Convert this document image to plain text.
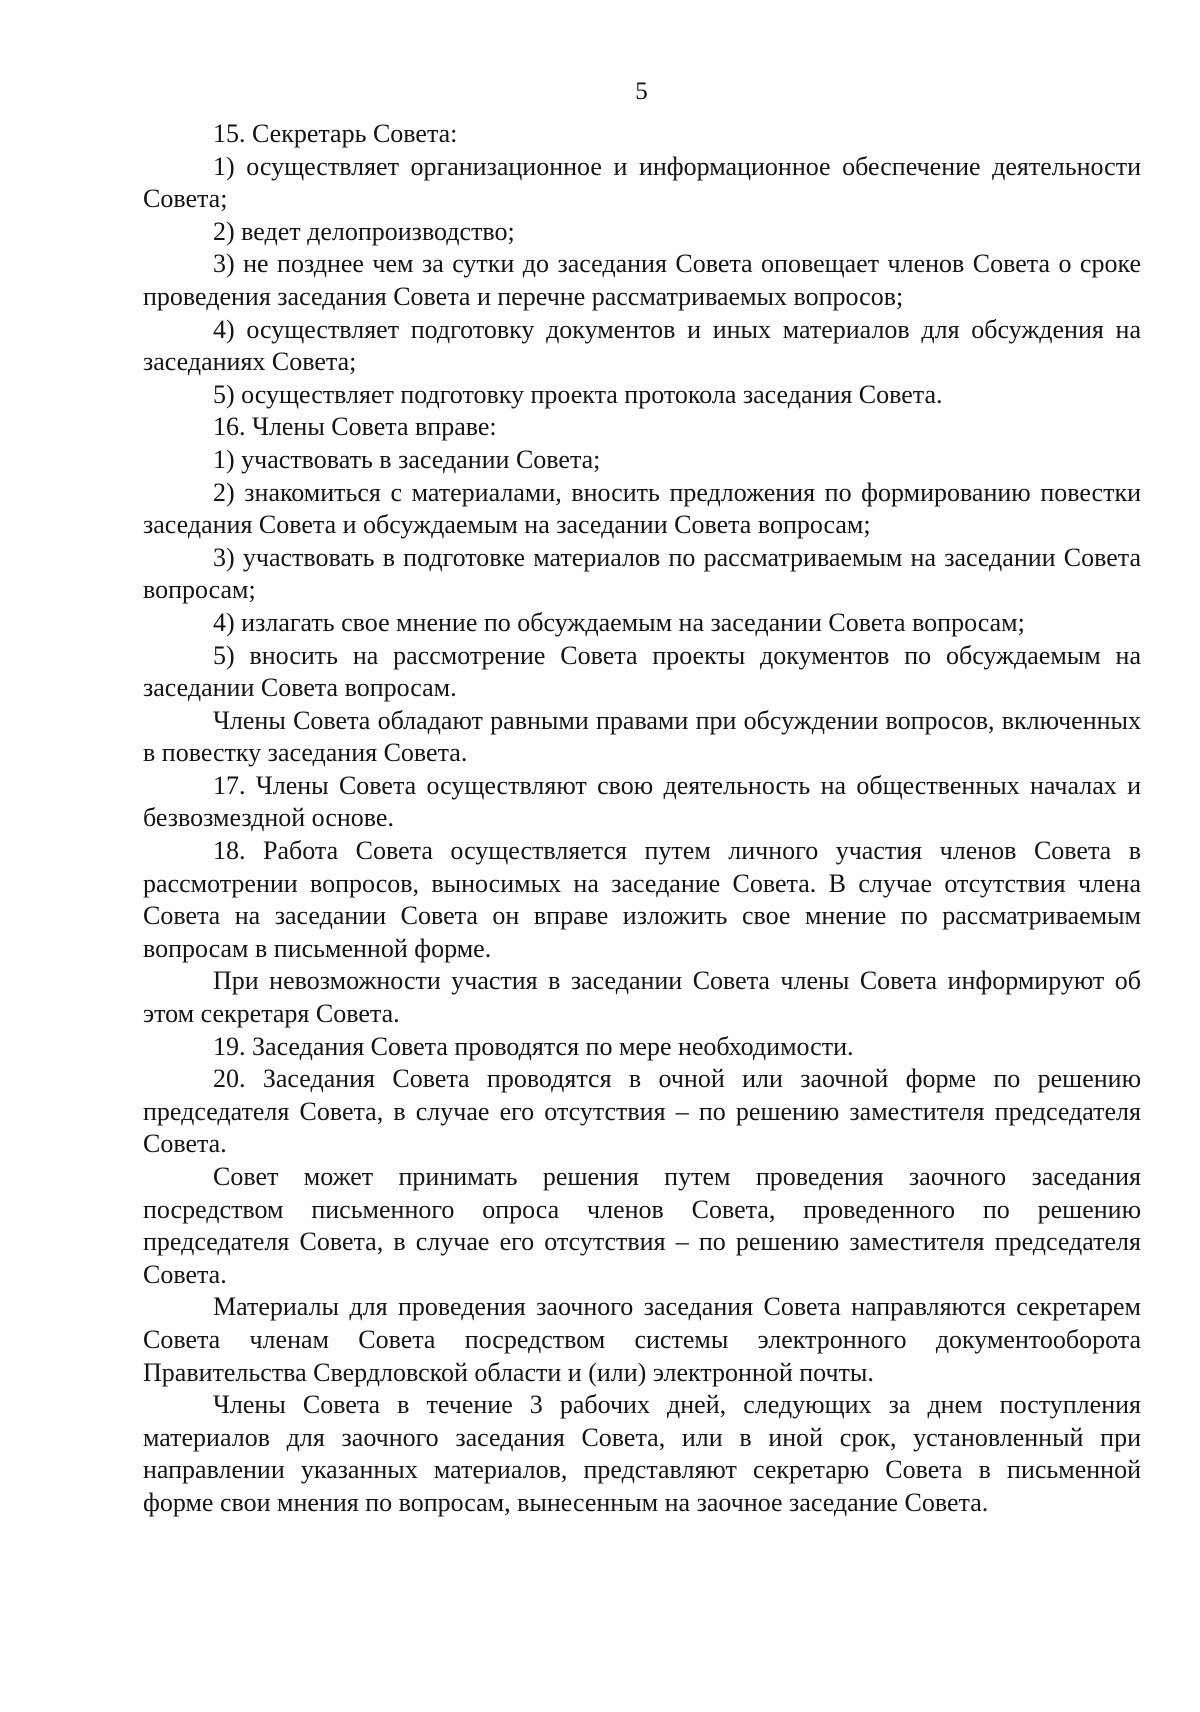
5

15. Секретарь Совета:

1) осуществляет организационное и информационное обеспечение деятельности Совета;

2) ведет делопроизводство;

3) не позднее чем за сутки до заседания Совета оповещает членов Совета о сроке проведения заседания Совета и перечне рассматриваемых вопросов;

4) осуществляет подготовку документов и иных материалов для обсуждения на заседаниях Совета;

5) осуществляет подготовку проекта протокола заседания Совета.

16. Члены Совета вправе:

1) участвовать в заседании Совета;

2) знакомиться с материалами, вносить предложения по формированию повестки заседания Совета и обсуждаемым на заседании Совета вопросам;

3) участвовать в подготовке материалов по рассматриваемым на заседании Совета вопросам;

4) излагать свое мнение по обсуждаемым на заседании Совета вопросам;

5) вносить на рассмотрение Совета проекты документов по обсуждаемым на заседании Совета вопросам.

Члены Совета обладают равными правами при обсуждении вопросов, включенных в повестку заседания Совета.

17. Члены Совета осуществляют свою деятельность на общественных началах и безвозмездной основе.

18. Работа Совета осуществляется путем личного участия членов Совета в рассмотрении вопросов, выносимых на заседание Совета. В случае отсутствия члена Совета на заседании Совета он вправе изложить свое мнение по рассматриваемым вопросам в письменной форме.

При невозможности участия в заседании Совета члены Совета информируют об этом секретаря Совета.

19. Заседания Совета проводятся по мере необходимости.

20. Заседания Совета проводятся в очной или заочной форме по решению председателя Совета, в случае его отсутствия – по решению заместителя председателя Совета.

Совет может принимать решения путем проведения заочного заседания посредством письменного опроса членов Совета, проведенного по решению председателя Совета, в случае его отсутствия – по решению заместителя председателя Совета.

Материалы для проведения заочного заседания Совета направляются секретарем Совета членам Совета посредством системы электронного документооборота Правительства Свердловской области и (или) электронной почты.

Члены Совета в течение 3 рабочих дней, следующих за днем поступления материалов для заочного заседания Совета, или в иной срок, установленный при направлении указанных материалов, представляют секретарю Совета в письменной форме свои мнения по вопросам, вынесенным на заочное заседание Совета.
